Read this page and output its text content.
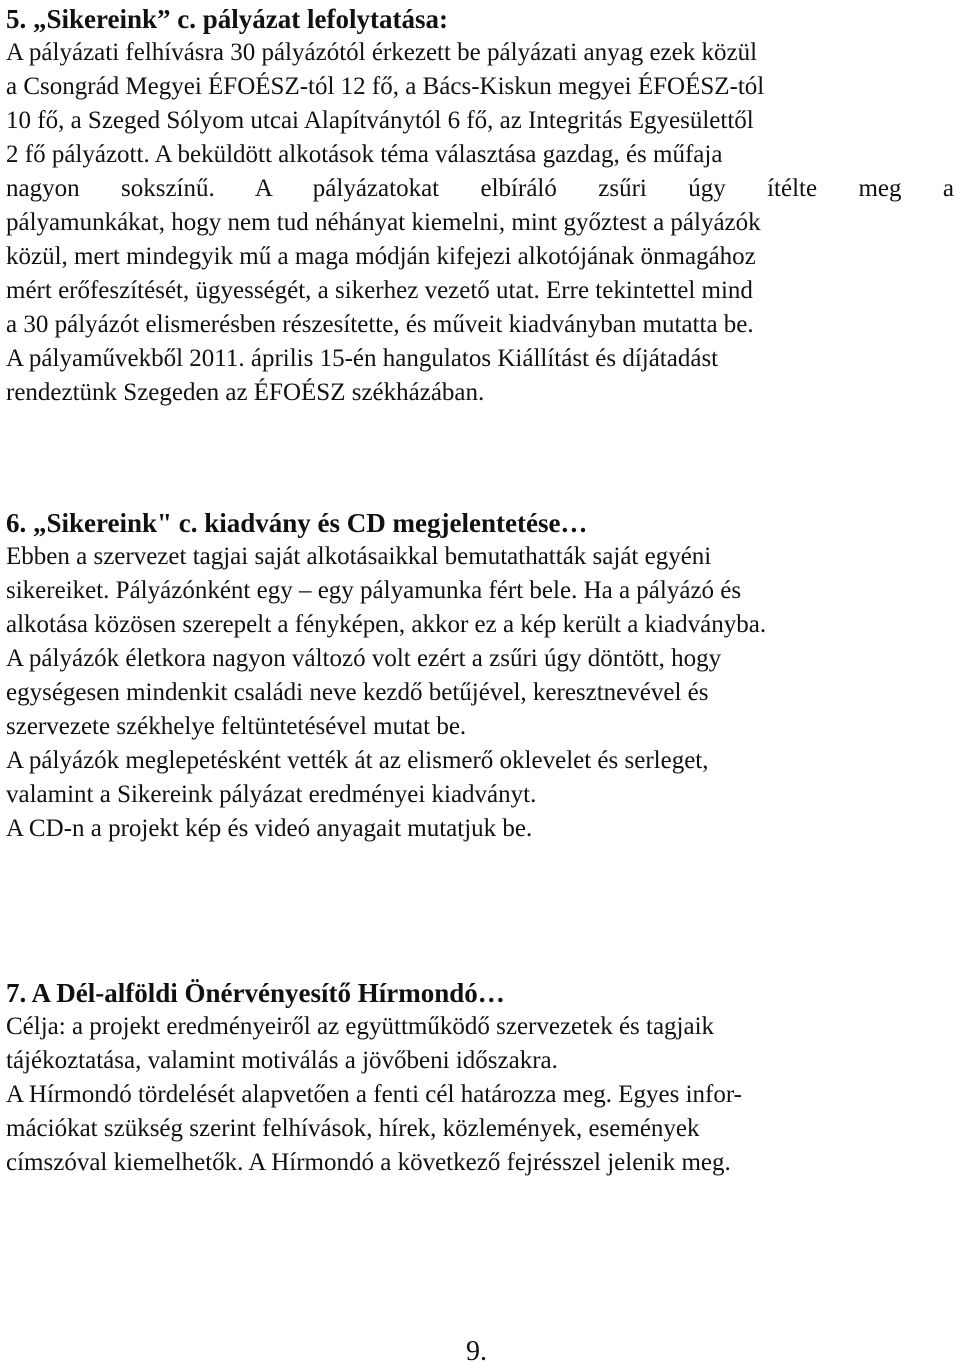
5. „Sikereink” c. pályázat lefolytatása:
A pályázati felhívásra 30 pályázótól érkezett be pályázati anyag ezek közül
a Csongrád Megyei ÉFOÉSZ-tól 12 fő, a Bács-Kiskun megyei ÉFOÉSZ-tól
10 fő, a Szeged Sólyom utcai Alapítványtól 6 fő, az Integritás Egyesülettől
2 fő pályázott. A beküldött alkotások téma választása gazdag, és műfaja
nagyon sokszínű. A pályázatokat elbíráló zsűri úgy ítélte meg a
pályamunkákat, hogy nem tud néhányat kiemelni, mint győztest a pályázók
közül, mert mindegyik mű a maga módján kifejezi alkotójának önmagához
mért erőfeszítését, ügyességét, a sikerhez vezető utat. Erre tekintettel mind
a 30 pályázót elismerésben részesítette, és műveit kiadványban mutatta be.
A pályaművekből 2011. április 15-én hangulatos Kiállítást és díjátadást
rendeztünk Szegeden az ÉFOÉSZ székházában.
6. „Sikereink" c. kiadvány és CD megjelentetése…
Ebben a szervezet tagjai saját alkotásaikkal bemutathatták saját egyéni
sikereiket. Pályázónként egy – egy pályamunka fért bele. Ha a pályázó és
alkotása közösen szerepelt a fényképen, akkor ez a kép került a kiadványba.
A pályázók életkora nagyon változó volt ezért a zsűri úgy döntött, hogy
egységesen mindenkit családi neve kezdő betűjével, keresztnevével és
szervezete székhelye feltüntetésével mutat be.
A pályázók meglepetésként vették át az elismerő oklevelet és serleget,
valamint a Sikereink pályázat eredményei kiadványt.
A CD-n a projekt kép és videó anyagait mutatjuk be.
7. A Dél-alföldi Önérvényesítő Hírmondó…
Célja: a projekt eredményeiről az együttműködő szervezetek és tagjaik
tájékoztatása, valamint motiválás a jövőbeni időszakra.
A Hírmondó tördelését alapvetően a fenti cél határozza meg. Egyes infor-
mációkat szükség szerint felhívások, hírek, közlemények, események
címszóval kiemelhetők. A Hírmondó a következő fejrésszel jelenik meg.
9.
